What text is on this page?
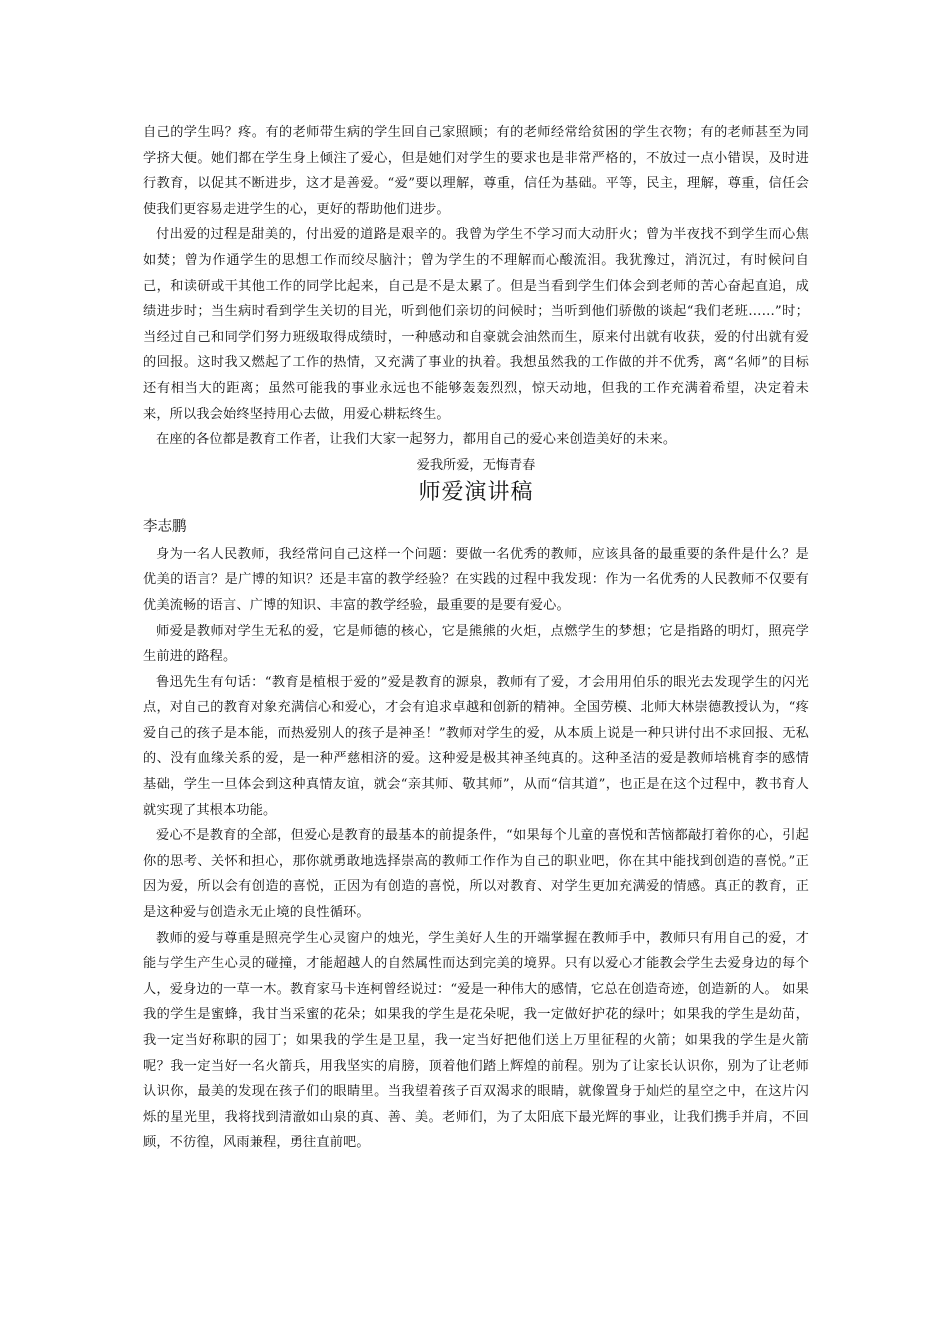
自己的学生吗？疼。有的老师带生病的学生回自己家照顾；有的老师经常给贫困的学生衣物；有的老师甚至为同学挤大便。她们都在学生身上倾注了爱心，但是她们对学生的要求也是非常严格的，不放过一点小错误，及时进行教育，以促其不断进步，这才是善爱。“爱”要以理解，尊重，信任为基础。平等，民主，理解，尊重，信任会使我们更容易走进学生的心，更好的帮助他们进步。

付出爱的过程是甜美的，付出爱的道路是艰辛的。我曾为学生不学习而大动肝火；曾为半夜找不到学生而心焦如焚；曾为作通学生的思想工作而绞尽脑汁；曾为学生的不理解而心酸流泪。我犹豫过，消沉过，有时候问自己，和读研或干其他工作的同学比起来，自己是不是太累了。但是当看到学生们体会到老师的苦心奋起直追，成绩进步时；当生病时看到学生关切的目光，听到他们亲切的问候时；当听到他们骄傲的谈起“我们老班……”时；当经过自己和同学们努力班级取得成绩时，一种感动和自豪就会油然而生，原来付出就有收获，爱的付出就有爱的回报。这时我又燃起了工作的热情，又充满了事业的执着。我想虽然我的工作做的并不优秀，离“名师”的目标还有相当大的距离；虽然可能我的事业永远也不能够轰轰烈烈，惊天动地，但我的工作充满着希望，决定着未来，所以我会始终坚持用心去做，用爱心耕耘终生。

在座的各位都是教育工作者，让我们大家一起努力，都用自己的爱心来创造美好的未来。

爱我所爱，无悔青春

师爱演讲稿

李志鹏

身为一名人民教师，我经常问自己这样一个问题：要做一名优秀的教师，应该具备的最重要的条件是什么？是优美的语言？是广博的知识？还是丰富的教学经验？在实践的过程中我发现：作为一名优秀的人民教师不仅要有优美流畅的语言、广博的知识、丰富的教学经验，最重要的是要有爱心。

师爱是教师对学生无私的爱，它是师德的核心，它是熊熊的火炬，点燃学生的梦想；它是指路的明灯，照亮学生前进的路程。

鲁迅先生有句话：“教育是植根于爱的”爱是教育的源泉，教师有了爱，才会用用伯乐的眼光去发现学生的闪光点，对自己的教育对象充满信心和爱心，才会有追求卓越和创新的精神。全国劳模、北师大林崇德教授认为，“疼爱自己的孩子是本能，而热爱别人的孩子是神圣！”教师对学生的爱，从本质上说是一种只讲付出不求回报、无私的、没有血缘关系的爱，是一种严慈相济的爱。这种爱是极其神圣纯真的。这种圣洁的爱是教师培桃育李的感情基础，学生一旦体会到这种真情友谊，就会“亲其师、敬其师”，从而“信其道”，也正是在这个过程中，教书育人就实现了其根本功能。

爱心不是教育的全部，但爱心是教育的最基本的前提条件，“如果每个儿童的喜悦和苦恼都敲打着你的心，引起你的思考、关怀和担心，那你就勇敢地选择崇高的教师工作作为自己的职业吧，你在其中能找到创造的喜悦。”正因为爱，所以会有创造的喜悦，正因为有创造的喜悦，所以对教育、对学生更加充满爱的情感。真正的教育，正是这种爱与创造永无止境的良性循环。

教师的爱与尊重是照亮学生心灵窗户的烛光，学生美好人生的开端掌握在教师手中，教师只有用自己的爱，才能与学生产生心灵的碰撞，才能超越人的自然属性而达到完美的境界。只有以爱心才能教会学生去爱身边的每个人，爱身边的一草一木。教育家马卡连柯曾经说过：“爱是一种伟大的感情，它总在创造奇迹，创造新的人。 如果我的学生是蜜蜂，我甘当采蜜的花朵；如果我的学生是花朵呢，我一定做好护花的绿叶；如果我的学生是幼苗，我一定当好称职的园丁；如果我的学生是卫星，我一定当好把他们送上万里征程的火箭；如果我的学生是火箭呢？我一定当好一名火箭兵，用我坚实的肩膀，顶着他们踏上辉煌的前程。别为了让家长认识你，别为了让老师认识你，最美的发现在孩子们的眼睛里。当我望着孩子百双渴求的眼睛，就像置身于灿烂的星空之中，在这片闪烁的星光里，我将找到清澈如山泉的真、善、美。老师们，为了太阳底下最光辉的事业，让我们携手并肩，不回顾，不彷徨，风雨兼程，勇往直前吧。
